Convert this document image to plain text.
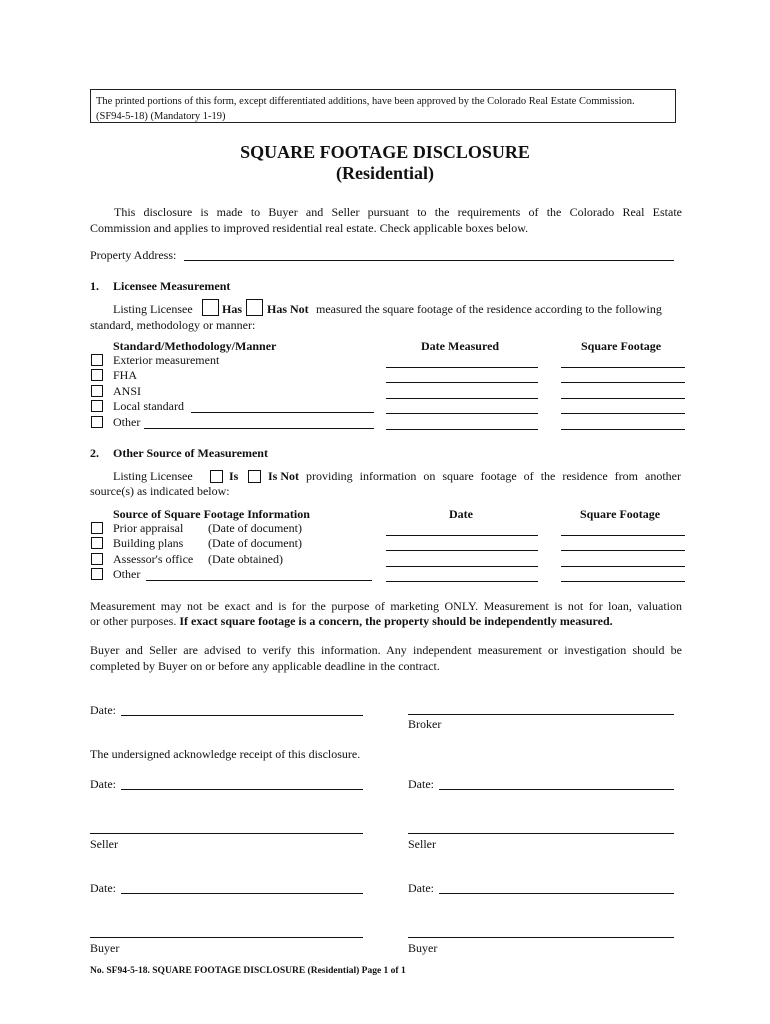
The printed portions of this form, except differentiated additions, have been approved by the Colorado Real Estate Commission.
(SF94-5-18) (Mandatory 1-19)
SQUARE FOOTAGE DISCLOSURE
(Residential)
This disclosure is made to Buyer and Seller pursuant to the requirements of the Colorado Real Estate
Commission and applies to improved residential real estate. Check applicable boxes below.
Property Address:
1. Licensee Measurement
Listing Licensee Has Has Not measured the square footage of the residence according to the following
standard, methodology or manner:
Standard/Methodology/Manner	Date Measured	Square Footage
Exterior measurement
FHA
ANSI
Local standard
Other
2. Other Source of Measurement
Listing Licensee	Is Is Not providing information on square footage of the residence from another
source(s) as indicated below:
Source of Square Footage Information	Date	Square Footage
Prior appraisal (Date of document)
Building plans (Date of document)
Assessor's office (Date obtained)
Other
Measurement may not be exact and is for the purpose of marketing ONLY. Measurement is not for loan, valuation
or other purposes. If exact square footage is a concern, the property should be independently measured.
Buyer and Seller are advised to verify this information. Any independent measurement or investigation should be
completed by Buyer on or before any applicable deadline in the contract.
Date:
Broker
The undersigned acknowledge receipt of this disclosure.
Date:	Date:
Seller	Seller
Date:	Date:
Buyer	Buyer
No. SF94-5-18. SQUARE FOOTAGE DISCLOSURE (Residential) Page 1 of 1
